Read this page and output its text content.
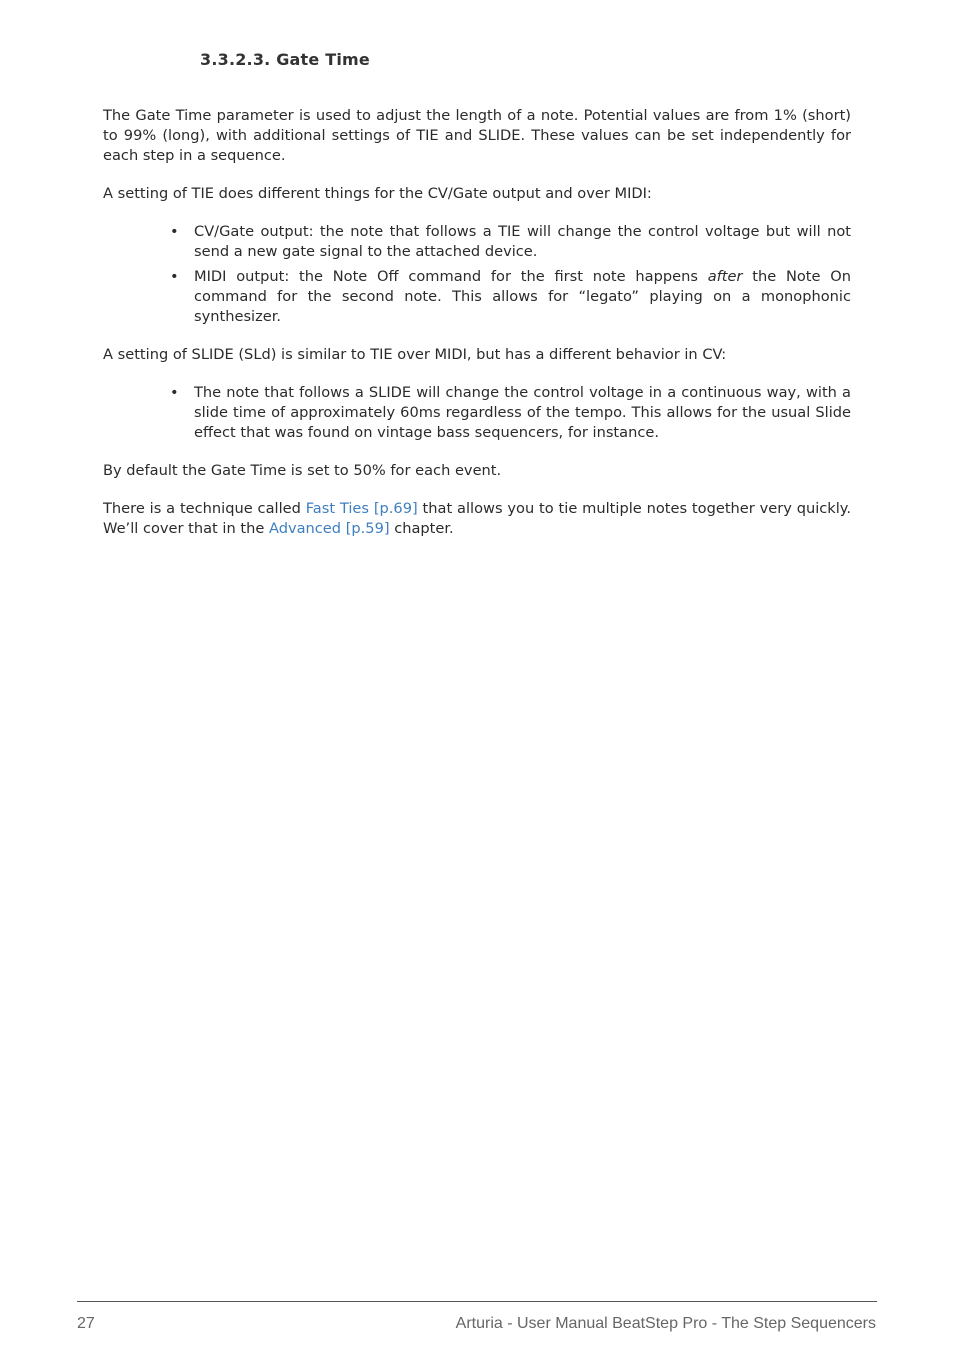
3.3.2.3. Gate Time

The Gate Time parameter is used to adjust the length of a note. Potential values are from 1% (short) to 99% (long), with additional settings of TIE and SLIDE. These values can be set independently for each step in a sequence.

A setting of TIE does different things for the CV/Gate output and over MIDI:

• CV/Gate output: the note that follows a TIE will change the control voltage but will not send a new gate signal to the attached device.
• MIDI output: the Note Off command for the first note happens after the Note On command for the second note. This allows for “legato” playing on a monophonic synthesizer.

A setting of SLIDE (SLd) is similar to TIE over MIDI, but has a different behavior in CV:

• The note that follows a SLIDE will change the control voltage in a continuous way, with a slide time of approximately 60ms regardless of the tempo. This allows for the usual Slide effect that was found on vintage bass sequencers, for instance.

By default the Gate Time is set to 50% for each event.

There is a technique called Fast Ties [p.69] that allows you to tie multiple notes together very quickly. We’ll cover that in the Advanced [p.59] chapter.

27	Arturia - User Manual BeatStep Pro - The Step Sequencers
